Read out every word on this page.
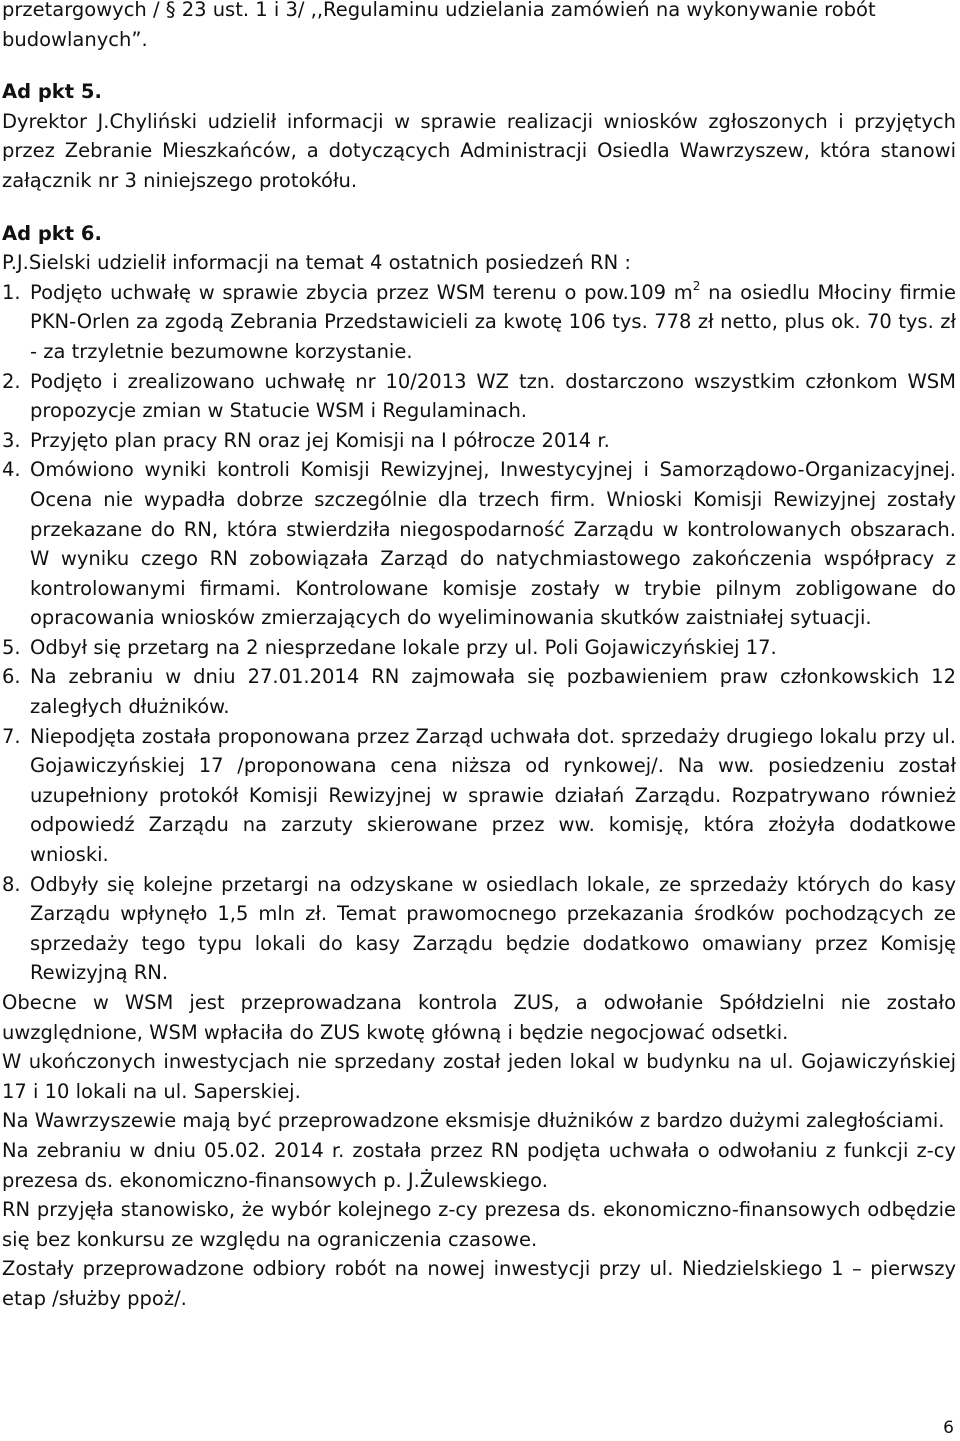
przetargowych / § 23 ust. 1 i 3/ ,,Regulaminu udzielania zamówień na wykonywanie robót budowlanych”.

Ad pkt 5.

Dyrektor J.Chyliński udzielił informacji w sprawie realizacji wniosków zgłoszonych i przyjętych przez Zebranie Mieszkańców, a dotyczących Administracji Osiedla Wawrzyszew, która stanowi załącznik nr 3 niniejszego protokółu.

Ad pkt 6.

P.J.Sielski udzielił informacji na temat 4 ostatnich posiedzeń RN :

1. Podjęto uchwałę w sprawie zbycia przez WSM terenu o pow.109 $m^2$ na osiedlu Młociny firmie PKN-Orlen za zgodą Zebrania Przedstawicieli za kwotę 106 tys. 778 zł netto, plus ok. 70 tys. zł - za trzyletnie bezumowne korzystanie.
2. Podjęto i zrealizowano uchwałę nr 10/2013 WZ tzn. dostarczono wszystkim członkom WSM propozycje zmian w Statucie WSM i Regulaminach.
3. Przyjęto plan pracy RN oraz jej Komisji na I półrocze 2014 r.
4. Omówiono wyniki kontroli Komisji Rewizyjnej, Inwestycyjnej i Samorządowo-Organizacyjnej. Ocena nie wypadła dobrze szczególnie dla trzech firm. Wnioski Komisji Rewizyjnej zostały przekazane do RN, która stwierdziła niegospodarność Zarządu w kontrolowanych obszarach. W wyniku czego RN zobowiązała Zarząd do natychmiastowego zakończenia współpracy z kontrolowanymi firmami. Kontrolowane komisje zostały w trybie pilnym zobligowane do opracowania wniosków zmierzających do wyeliminowania skutków zaistniałej sytuacji.
5. Odbył się przetarg na 2 niesprzedane lokale przy ul. Poli Gojawiczyńskiej 17.
6. Na zebraniu w dniu 27.01.2014 RN zajmowała się pozbawieniem praw członkowskich 12 zaległych dłużników.
7. Niepodjęta została proponowana przez Zarząd uchwała dot. sprzedaży drugiego lokalu przy ul. Gojawiczyńskiej 17 /proponowana cena niższa od rynkowej/. Na ww. posiedzeniu został uzupełniony protokół Komisji Rewizyjnej w sprawie działań Zarządu. Rozpatrywano również odpowiedź Zarządu na zarzuty skierowane przez ww. komisję, która złożyła dodatkowe wnioski.
8. Odbyły się kolejne przetargi na odzyskane w osiedlach lokale, ze sprzedaży których do kasy Zarządu wpłynęło 1,5 mln zł. Temat prawomocnego przekazania środków pochodzących ze sprzedaży tego typu lokali do kasy Zarządu będzie dodatkowo omawiany przez Komisję Rewizyjną RN.

Obecne w WSM jest przeprowadzana kontrola ZUS, a odwołanie Spółdzielni nie zostało uwzględnione, WSM wpłaciła do ZUS kwotę główną i będzie negocjować odsetki.

W ukończonych inwestycjach nie sprzedany został jeden lokal w budynku na ul. Gojawiczyńskiej 17 i 10 lokali na ul. Saperskiej.

Na Wawrzyszewie mają być przeprowadzone eksmisje dłużników z bardzo dużymi zaległościami.

Na zebraniu w dniu 05.02. 2014 r. została przez RN podjęta uchwała o odwołaniu z funkcji z-cy prezesa ds. ekonomiczno-finansowych p. J.Żulewskiego.

RN przyjęła stanowisko, że wybór kolejnego z-cy prezesa ds. ekonomiczno-finansowych odbędzie się bez konkursu ze względu na ograniczenia czasowe.

Zostały przeprowadzone odbiory robót na nowej inwestycji przy ul. Niedzielskiego 1 – pierwszy etap /służby ppoż/.

6
